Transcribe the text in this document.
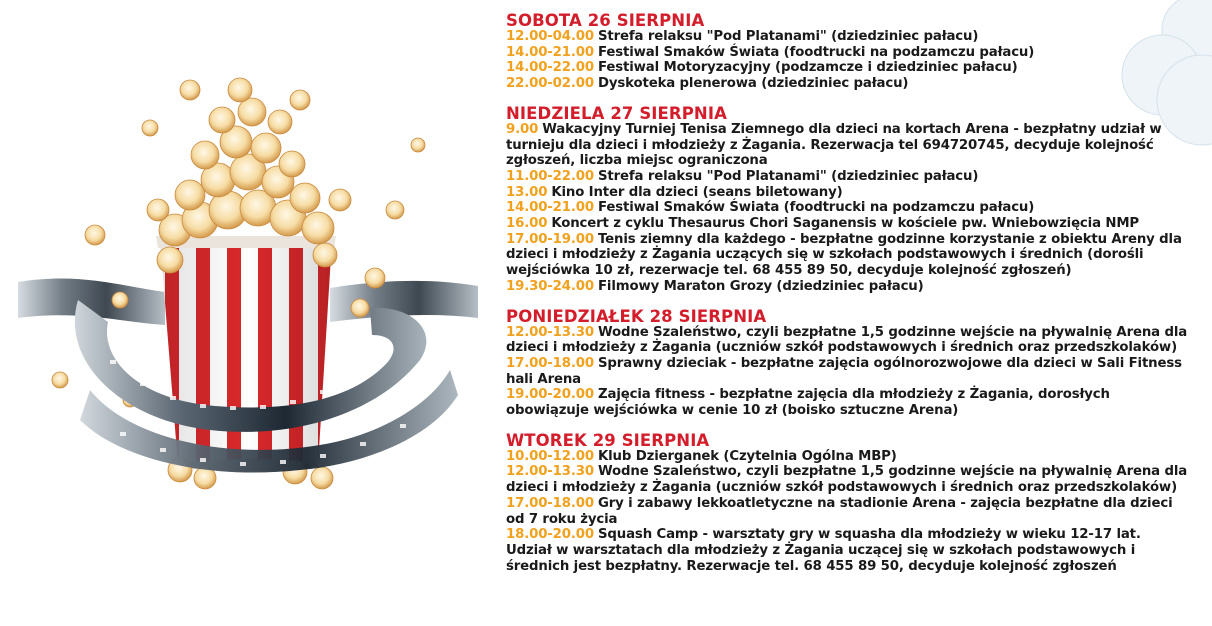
SOBOTA 26 SIERPNIA
12.00-04.00 Strefa relaksu "Pod Platanami" (dziedziniec pałacu)
14.00-21.00 Festiwal Smaków Świata (foodtrucki na podzamczu pałacu)
14.00-22.00 Festiwal Motoryzacyjny (podzamcze i dziedziniec pałacu)
22.00-02.00 Dyskoteka plenerowa (dziedziniec pałacu)
NIEDZIELA 27 SIERPNIA
9.00 Wakacyjny Turniej Tenisa Ziemnego dla dzieci na kortach Arena - bezpłatny udział w turnieju dla dzieci i młodzieży z Żagania. Rezerwacja tel 694720745, decyduje kolejność zgłoszeń, liczba miejsc ograniczona
11.00-22.00 Strefa relaksu "Pod Platanami" (dziedziniec pałacu)
13.00 Kino Inter dla dzieci (seans biletowany)
14.00-21.00 Festiwal Smaków Świata (foodtrucki na podzamczu pałacu)
16.00 Koncert z cyklu Thesaurus Chori Saganensis w kościele pw. Wniebowzięcia NMP
17.00-19.00 Tenis ziemny dla każdego - bezpłatne godzinne korzystanie z obiektu Areny dla dzieci i młodzieży z Żagania uczących się w szkołach podstawowych i średnich (dorośli wejściówka 10 zł, rezerwacje tel. 68 455 89 50, decyduje kolejność zgłoszeń)
19.30-24.00 Filmowy Maraton Grozy (dziedziniec pałacu)
PONIEDZIAŁEK 28 SIERPNIA
12.00-13.30 Wodne Szaleństwo, czyli bezpłatne 1,5 godzinne wejście na pływalnię Arena dla dzieci i młodzieży z Żagania (uczniów szkół podstawowych i średnich oraz przedszkolaków)
17.00-18.00 Sprawny dzieciak - bezpłatne zajęcia ogólnorozwojowe dla dzieci w Sali Fitness hali Arena
19.00-20.00 Zajęcia fitness - bezpłatne zajęcia dla młodzieży z Żagania, dorosłych obowiązuje wejściówka w cenie 10 zł (boisko sztuczne Arena)
WTOREK 29 SIERPNIA
10.00-12.00 Klub Dzierganek (Czytelnia Ogólna MBP)
12.00-13.30 Wodne Szaleństwo, czyli bezpłatne 1,5 godzinne wejście na pływalnię Arena dla dzieci i młodzieży z Żagania (uczniów szkół podstawowych i średnich oraz przedszkolaków)
17.00-18.00 Gry i zabawy lekkoatletyczne na stadionie Arena - zajęcia bezpłatne dla dzieci od 7 roku życia
18.00-20.00 Squash Camp - warsztaty gry w squasha dla młodzieży w wieku 12-17 lat. Udział w warsztatach dla młodzieży z Żagania uczącej się w szkołach podstawowych i średnich jest bezpłatny. Rezerwacje tel. 68 455 89 50, decyduje kolejność zgłoszeń
